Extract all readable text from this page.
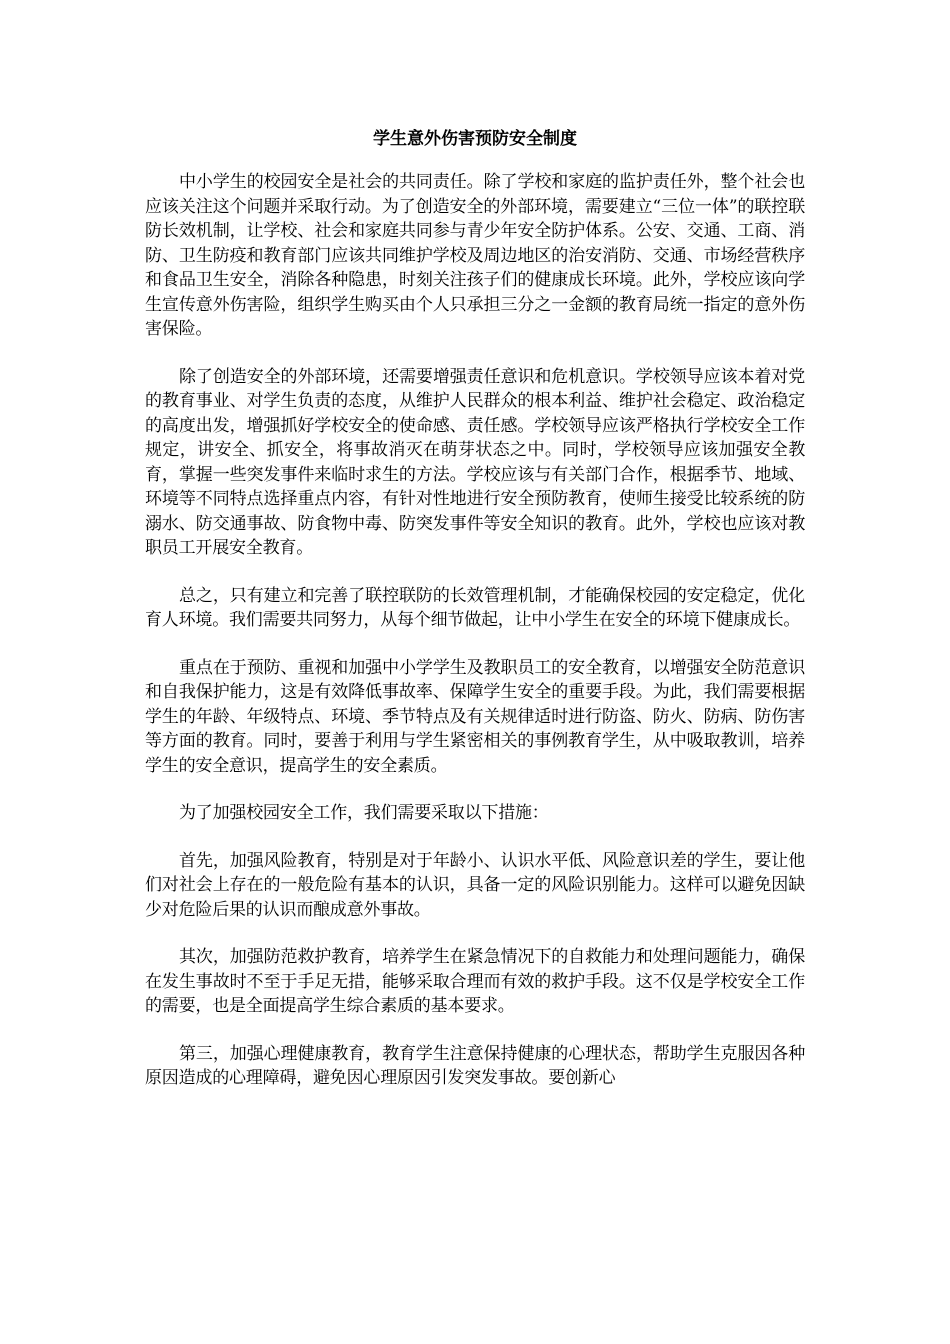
学生意外伤害预防安全制度

中小学生的校园安全是社会的共同责任。除了学校和家庭的监护责任外，整个社会也应该关注这个问题并采取行动。为了创造安全的外部环境，需要建立“三位一体”的联控联防长效机制，让学校、社会和家庭共同参与青少年安全防护体系。公安、交通、工商、消防、卫生防疫和教育部门应该共同维护学校及周边地区的治安消防、交通、市场经营秩序和食品卫生安全，消除各种隐患，时刻关注孩子们的健康成长环境。此外，学校应该向学生宣传意外伤害险，组织学生购买由个人只承担三分之一金额的教育局统一指定的意外伤害保险。

除了创造安全的外部环境，还需要增强责任意识和危机意识。学校领导应该本着对党的教育事业、对学生负责的态度，从维护人民群众的根本利益、维护社会稳定、政治稳定的高度出发，增强抓好学校安全的使命感、责任感。学校领导应该严格执行学校安全工作规定，讲安全、抓安全，将事故消灭在萌芽状态之中。同时，学校领导应该加强安全教育，掌握一些突发事件来临时求生的方法。学校应该与有关部门合作，根据季节、地域、环境等不同特点选择重点内容，有针对性地进行安全预防教育，使师生接受比较系统的防溺水、防交通事故、防食物中毒、防突发事件等安全知识的教育。此外，学校也应该对教职员工开展安全教育。

总之，只有建立和完善了联控联防的长效管理机制，才能确保校园的安定稳定，优化育人环境。我们需要共同努力，从每个细节做起，让中小学生在安全的环境下健康成长。

重点在于预防、重视和加强中小学学生及教职员工的安全教育，以增强安全防范意识和自我保护能力，这是有效降低事故率、保障学生安全的重要手段。为此，我们需要根据学生的年龄、年级特点、环境、季节特点及有关规律适时进行防盗、防火、防病、防伤害等方面的教育。同时，要善于利用与学生紧密相关的事例教育学生，从中吸取教训，培养学生的安全意识，提高学生的安全素质。

为了加强校园安全工作，我们需要采取以下措施：

首先，加强风险教育，特别是对于年龄小、认识水平低、风险意识差的学生，要让他们对社会上存在的一般危险有基本的认识，具备一定的风险识别能力。这样可以避免因缺少对危险后果的认识而酿成意外事故。

其次，加强防范救护教育，培养学生在紧急情况下的自救能力和处理问题能力，确保在发生事故时不至于手足无措，能够采取合理而有效的救护手段。这不仅是学校安全工作的需要，也是全面提高学生综合素质的基本要求。

第三，加强心理健康教育，教育学生注意保持健康的心理状态，帮助学生克服因各种原因造成的心理障碍，避免因心理原因引发突发事故。要创新心
